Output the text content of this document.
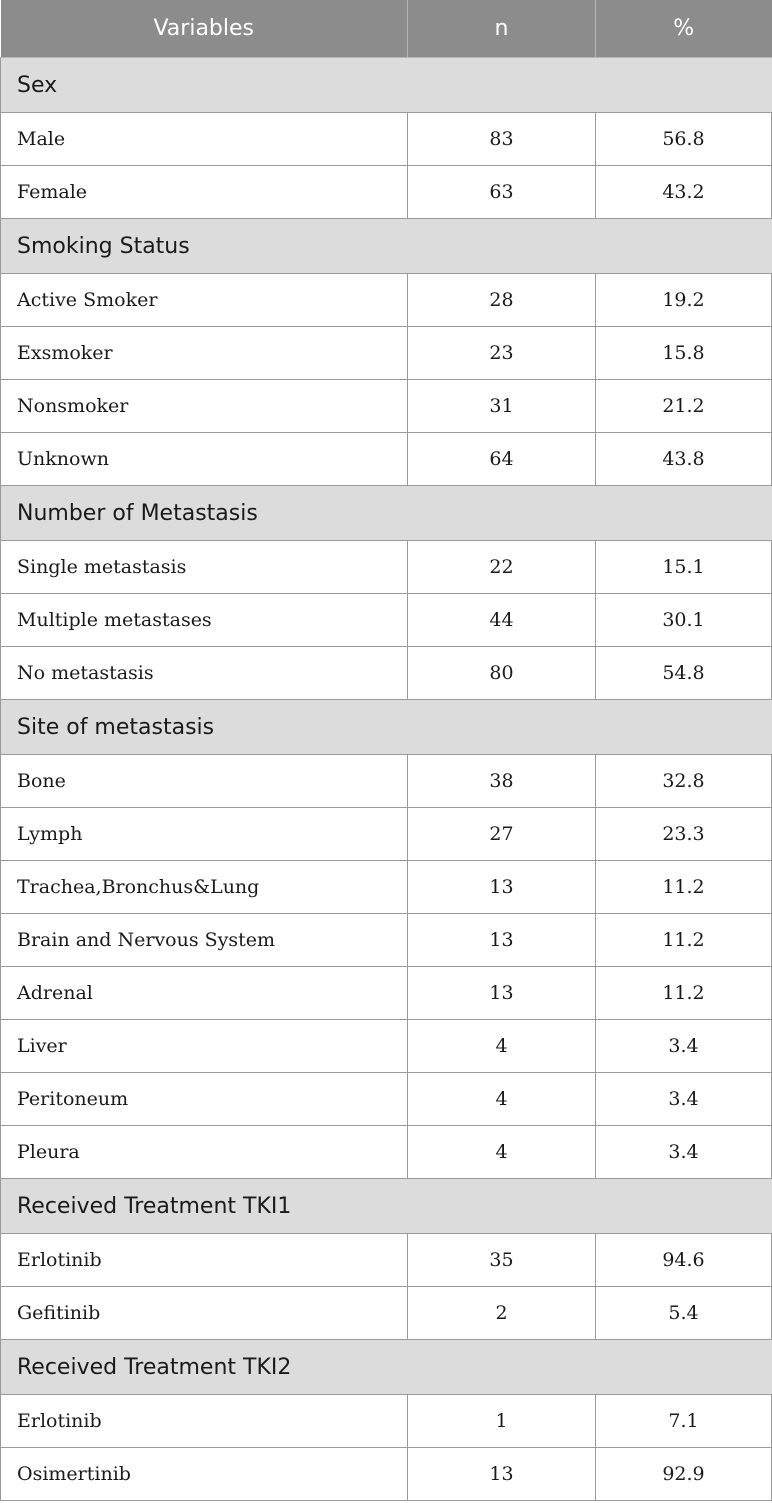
Variables	n	%
Sex		
Male	83	56.8
Female	63	43.2
Smoking Status		
Active Smoker	28	19.2
Exsmoker	23	15.8
Nonsmoker	31	21.2
Unknown	64	43.8
Number of Metastasis		
Single metastasis	22	15.1
Multiple metastases	44	30.1
No metastasis	80	54.8
Site of metastasis		
Bone	38	32.8
Lymph	27	23.3
Trachea,Bronchus&Lung	13	11.2
Brain and Nervous System	13	11.2
Adrenal	13	11.2
Liver	4	3.4
Peritoneum	4	3.4
Pleura	4	3.4
Received Treatment TKI1		
Erlotinib	35	94.6
Gefitinib	2	5.4
Received Treatment TKI2		
Erlotinib	1	7.1
Osimertinib	13	92.9
